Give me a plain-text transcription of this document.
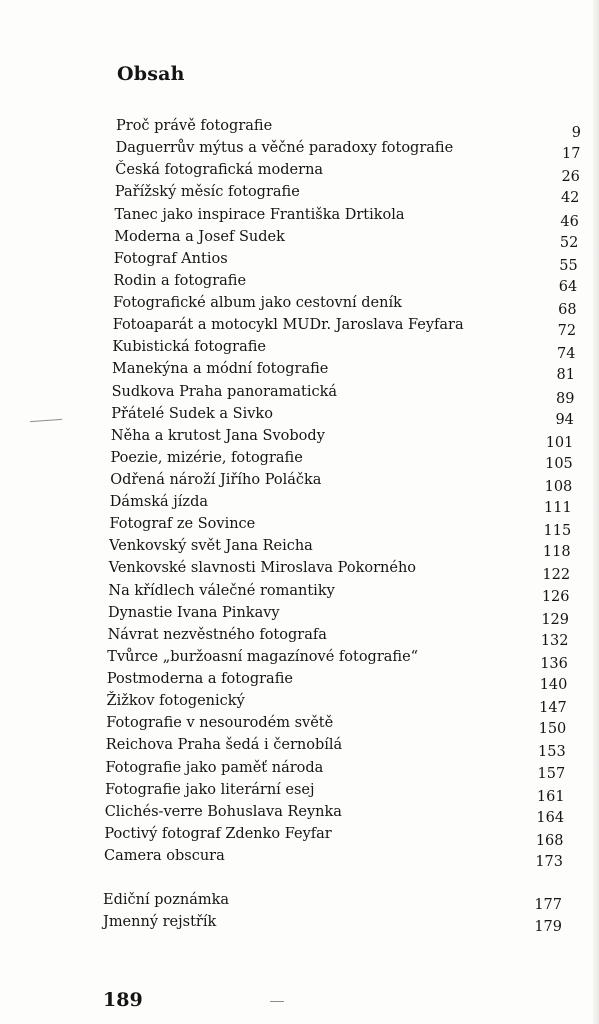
Obsah
Proč právě fotografie	9
Daguerrův mýtus a věčné paradoxy fotografie	17
Česká fotografická moderna	26
Pařížský měsíc fotografie	42
Tanec jako inspirace Františka Drtikola	46
Moderna a Josef Sudek	52
Fotograf Antios	55
Rodin a fotografie	64
Fotografické album jako cestovní deník	68
Fotoaparát a motocykl MUDr. Jaroslava Feyfara	72
Kubistická fotografie	74
Manekýna a módní fotografie	81
Sudkova Praha panoramatická	89
Přátelé Sudek a Sivko	94
Něha a krutost Jana Svobody	101
Poezie, mizérie, fotografie	105
Odřená nároží Jiřího Poláčka	108
Dámská jízda	111
Fotograf ze Sovince	115
Venkovský svět Jana Reicha	118
Venkovské slavnosti Miroslava Pokorného	122
Na křídlech válečné romantiky	126
Dynastie Ivana Pinkavy	129
Návrat nezvěstného fotografa	132
Tvůrce „buržoasní magazínové fotografie“	136
Postmoderna a fotografie	140
Žižkov fotogenický	147
Fotografie v nesourodém světě	150
Reichova Praha šedá i černobílá	153
Fotografie jako paměť národa	157
Fotografie jako literární esej	161
Clichés-verre Bohuslava Reynka	164
Poctivý fotograf Zdenko Feyfar	168
Camera obscura	173
Ediční poznámka	177
Jmenný rejstřík	179

189
